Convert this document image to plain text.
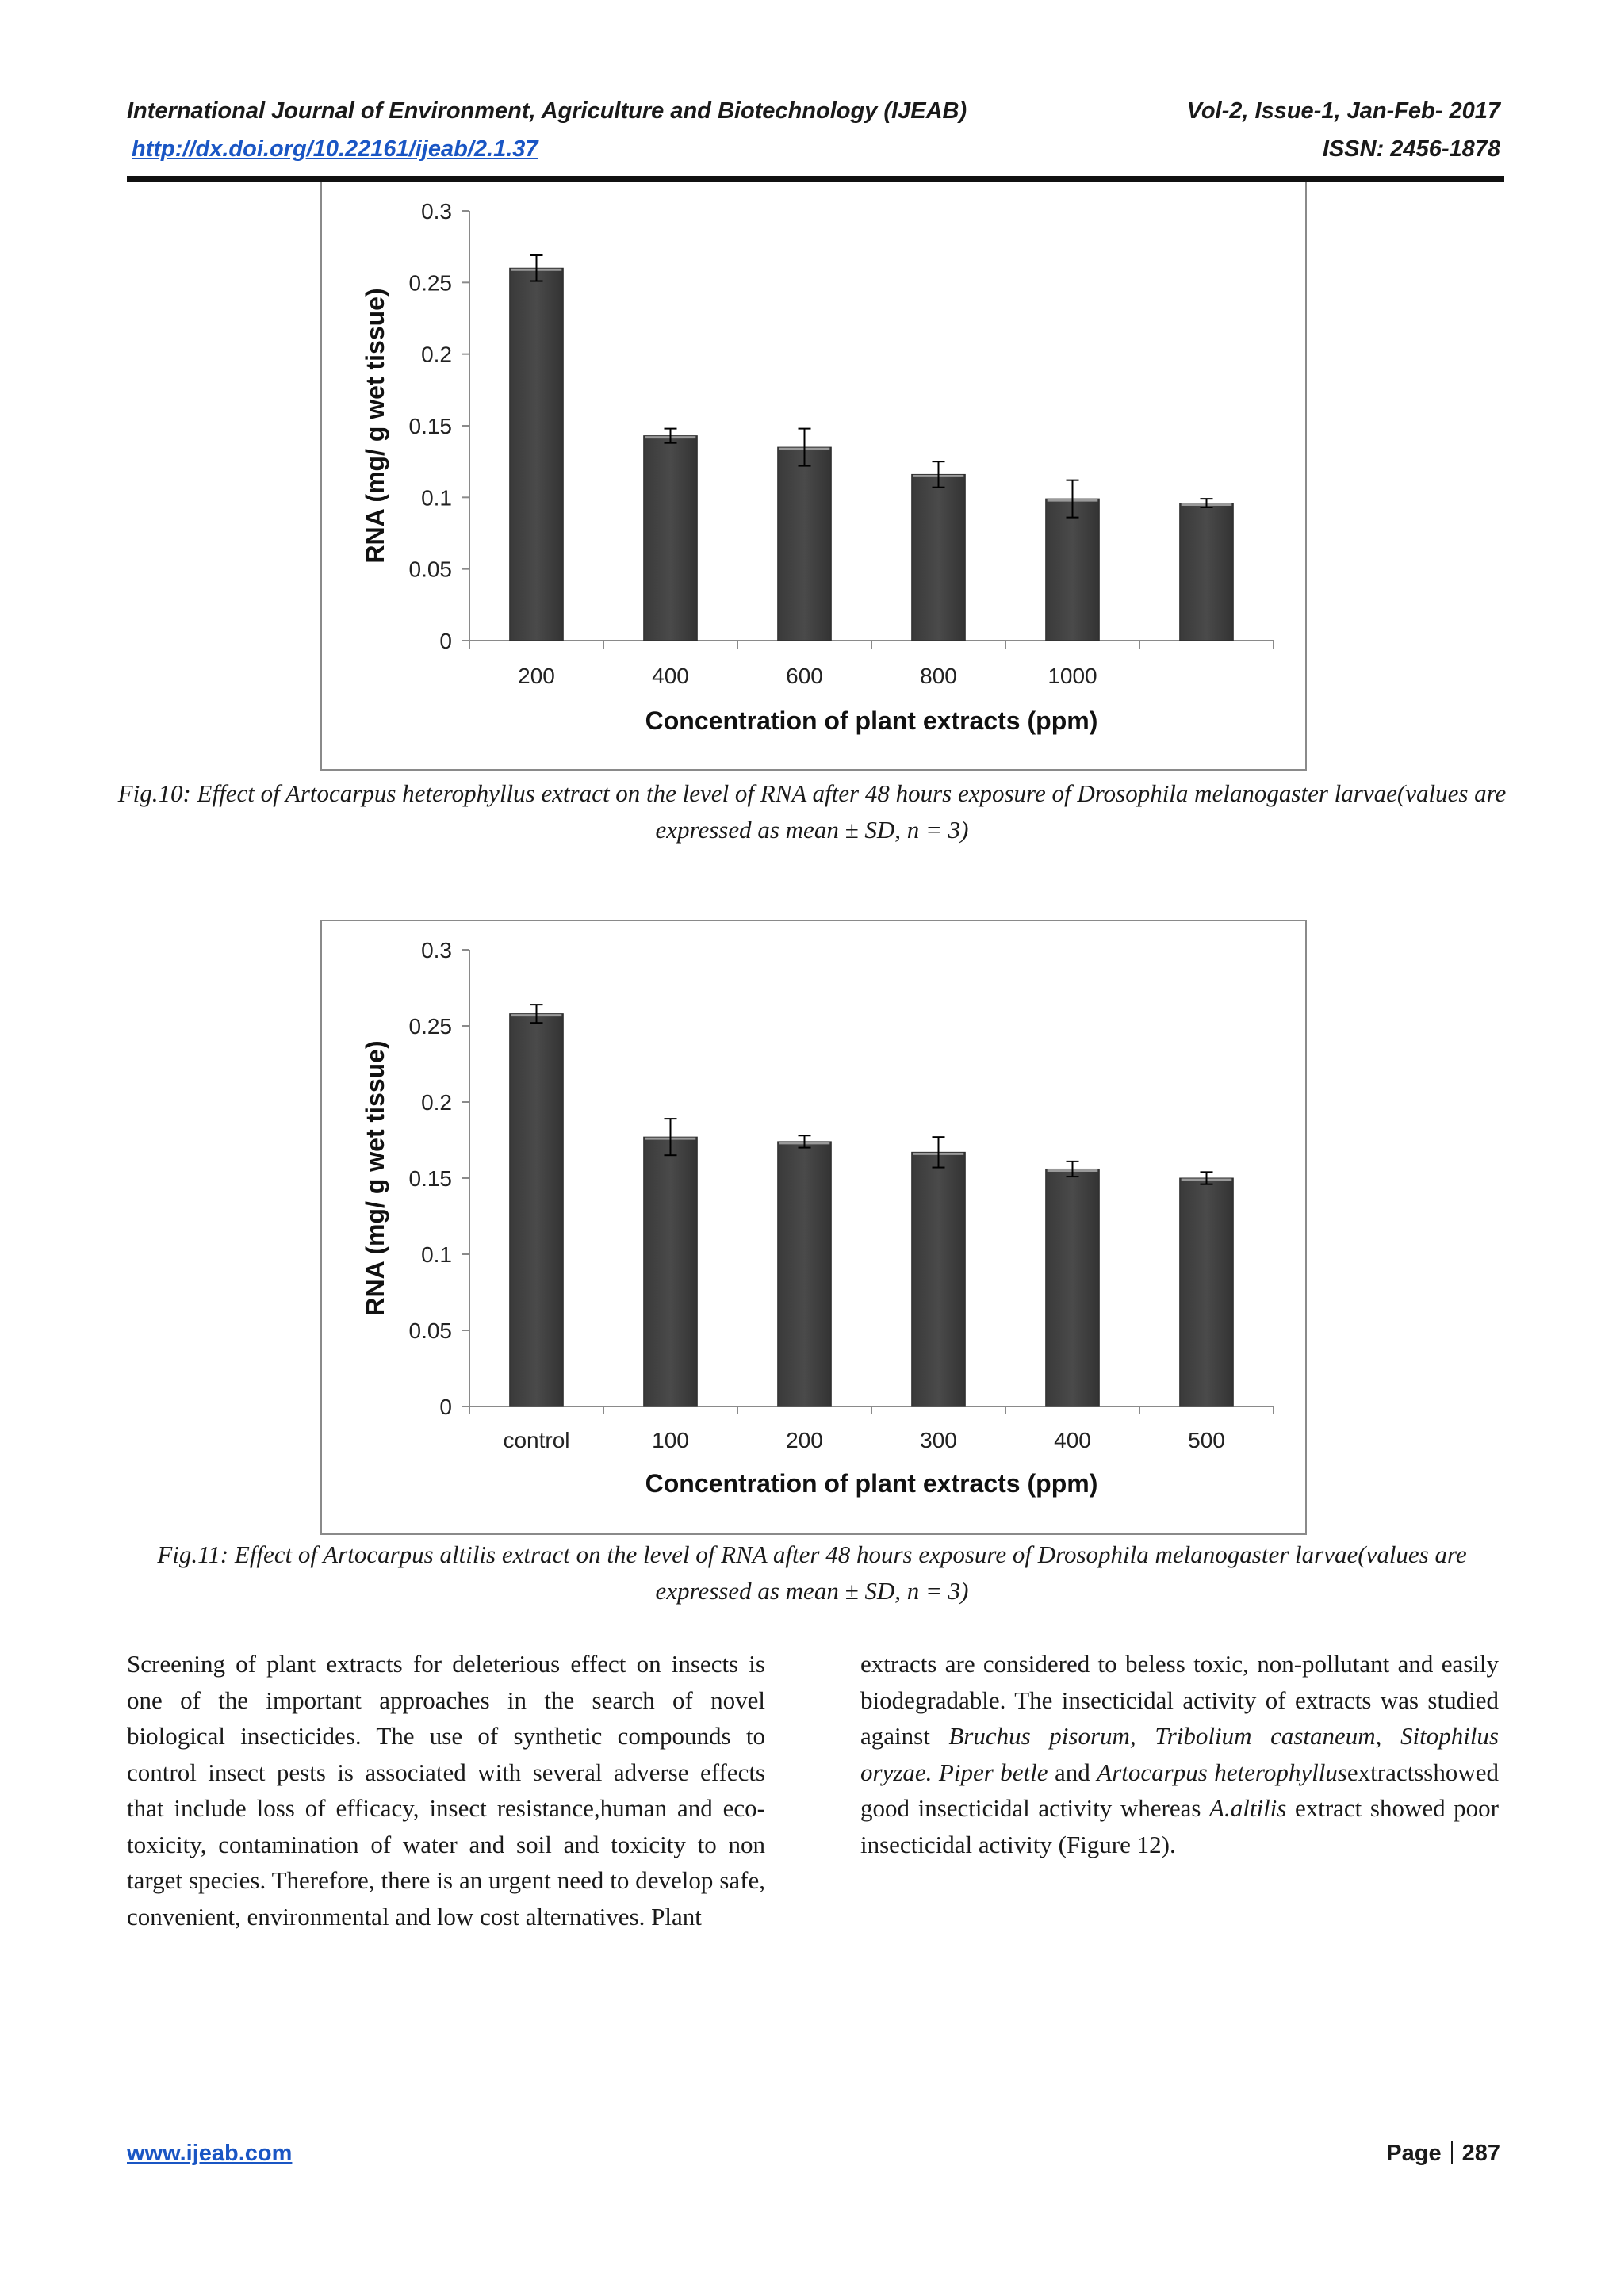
International Journal of Environment, Agriculture and Biotechnology (IJEAB)	Vol-2, Issue-1, Jan-Feb- 2017
http://dx.doi.org/10.22161/ijeab/2.1.37	ISSN: 2456-1878
0
0.05
0.1
0.15
0.2
0.25
0.3
200	400	600	800	1000
Concentration of plant extracts (ppm)
RNA (mg/ g wet tissue)
Fig.10: Effect of Artocarpus heterophyllus extract on the level of RNA after 48 hours exposure of Drosophila melanogaster larvae(values are expressed as mean ± SD, n = 3)
0
0.05
0.1
0.15
0.2
0.25
0.3
control	100	200	300	400	500
Concentration of plant extracts (ppm)
RNA (mg/ g wet tissue)
Fig.11: Effect of Artocarpus altilis extract on the level of RNA after 48 hours exposure of Drosophila melanogaster larvae(values are expressed as mean ± SD, n = 3)
Screening of plant extracts for deleterious effect on insects is one of the important approaches in the search of novel biological insecticides. The use of synthetic compounds to control insect pests is associated with several adverse effects that include loss of efficacy, insect resistance,human and eco-toxicity, contamination of water and soil and toxicity to non target species. Therefore, there is an urgent need to develop safe, convenient, environmental and low cost alternatives. Plant
extracts are considered to beless toxic, non-pollutant and easily biodegradable. The insecticidal activity of extracts was studied against Bruchus pisorum, Tribolium castaneum, Sitophilus oryzae. Piper betle and Artocarpus heterophyllusextractsshowed good insecticidal activity whereas A.altilis extract showed poor insecticidal activity (Figure 12).
www.ijeab.com	Page 287
